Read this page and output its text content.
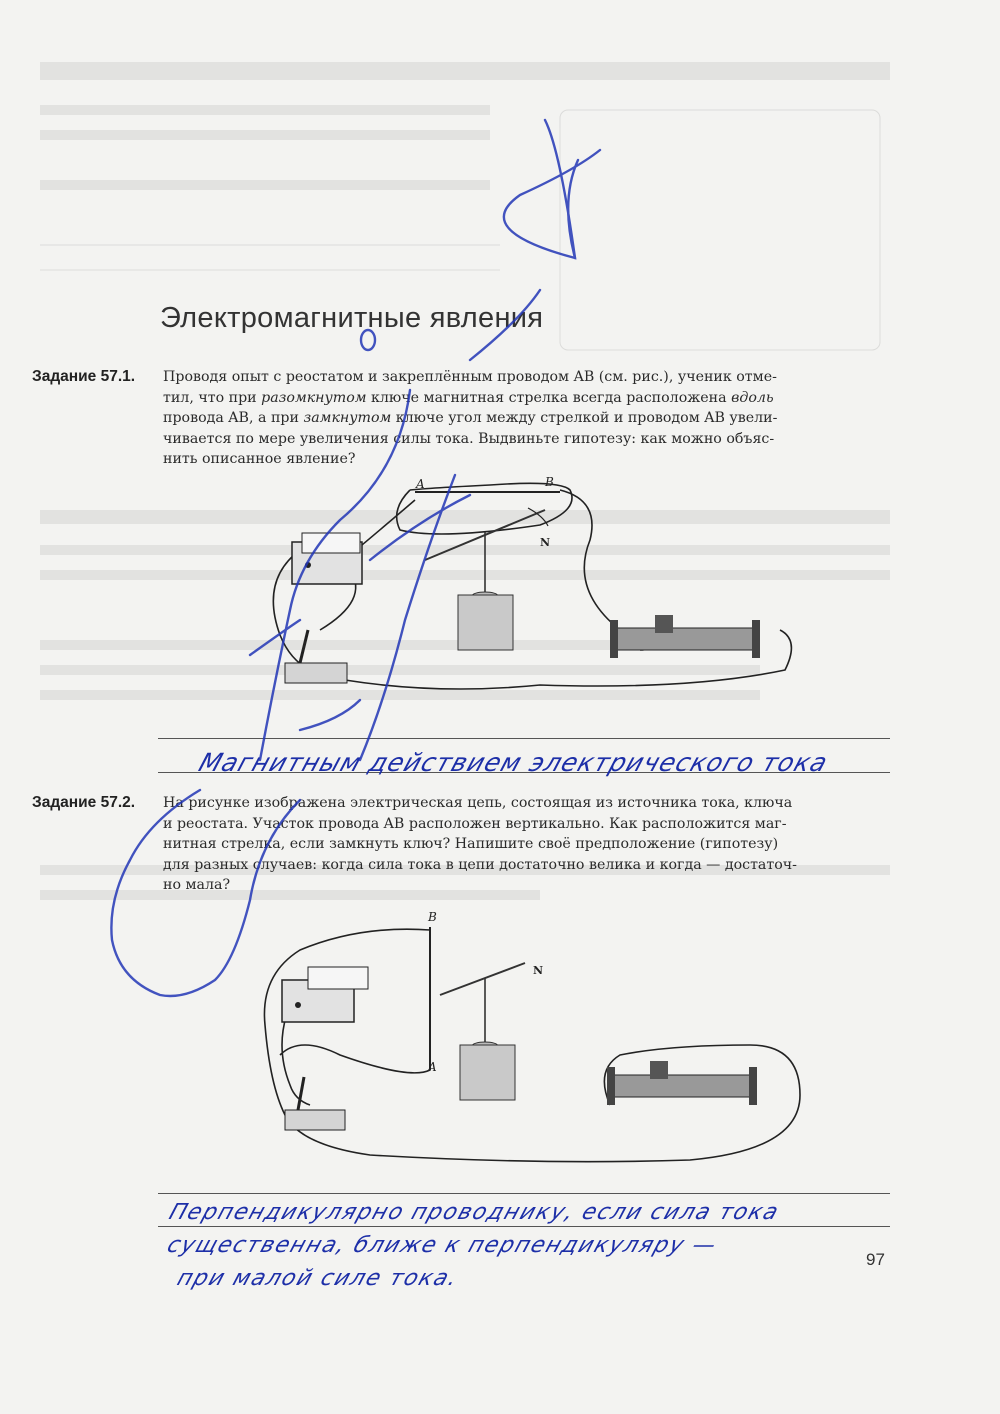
Электромагнитные явления
Задание 57.1. Проводя опыт с реостатом и закреплённым проводом AB (см. рис.), ученик отме-
тил, что при разомкнутом ключе магнитная стрелка всегда расположена вдоль
провода AB, а при замкнутом ключе угол между стрелкой и проводом AB увели-
чивается по мере увеличения силы тока. Выдвиньте гипотезу: как можно объяс-
нить описанное явление?
A	B
N
Магнитным действием электрического тока
Задание 57.2. На рисунке изображена электрическая цепь, состоящая из источника тока, ключа
и реостата. Участок провода AB расположен вертикально. Как расположится маг-
нитная стрелка, если замкнуть ключ? Напишите своё предположение (гипотезу)
для разных случаев: когда сила тока в цепи достаточно велика и когда — достаточ-
но мала?
B
A
N
Перпендикулярно проводнику, если сила тока
существенна, ближе к перпендикуляру —
при малой силе тока.
97
